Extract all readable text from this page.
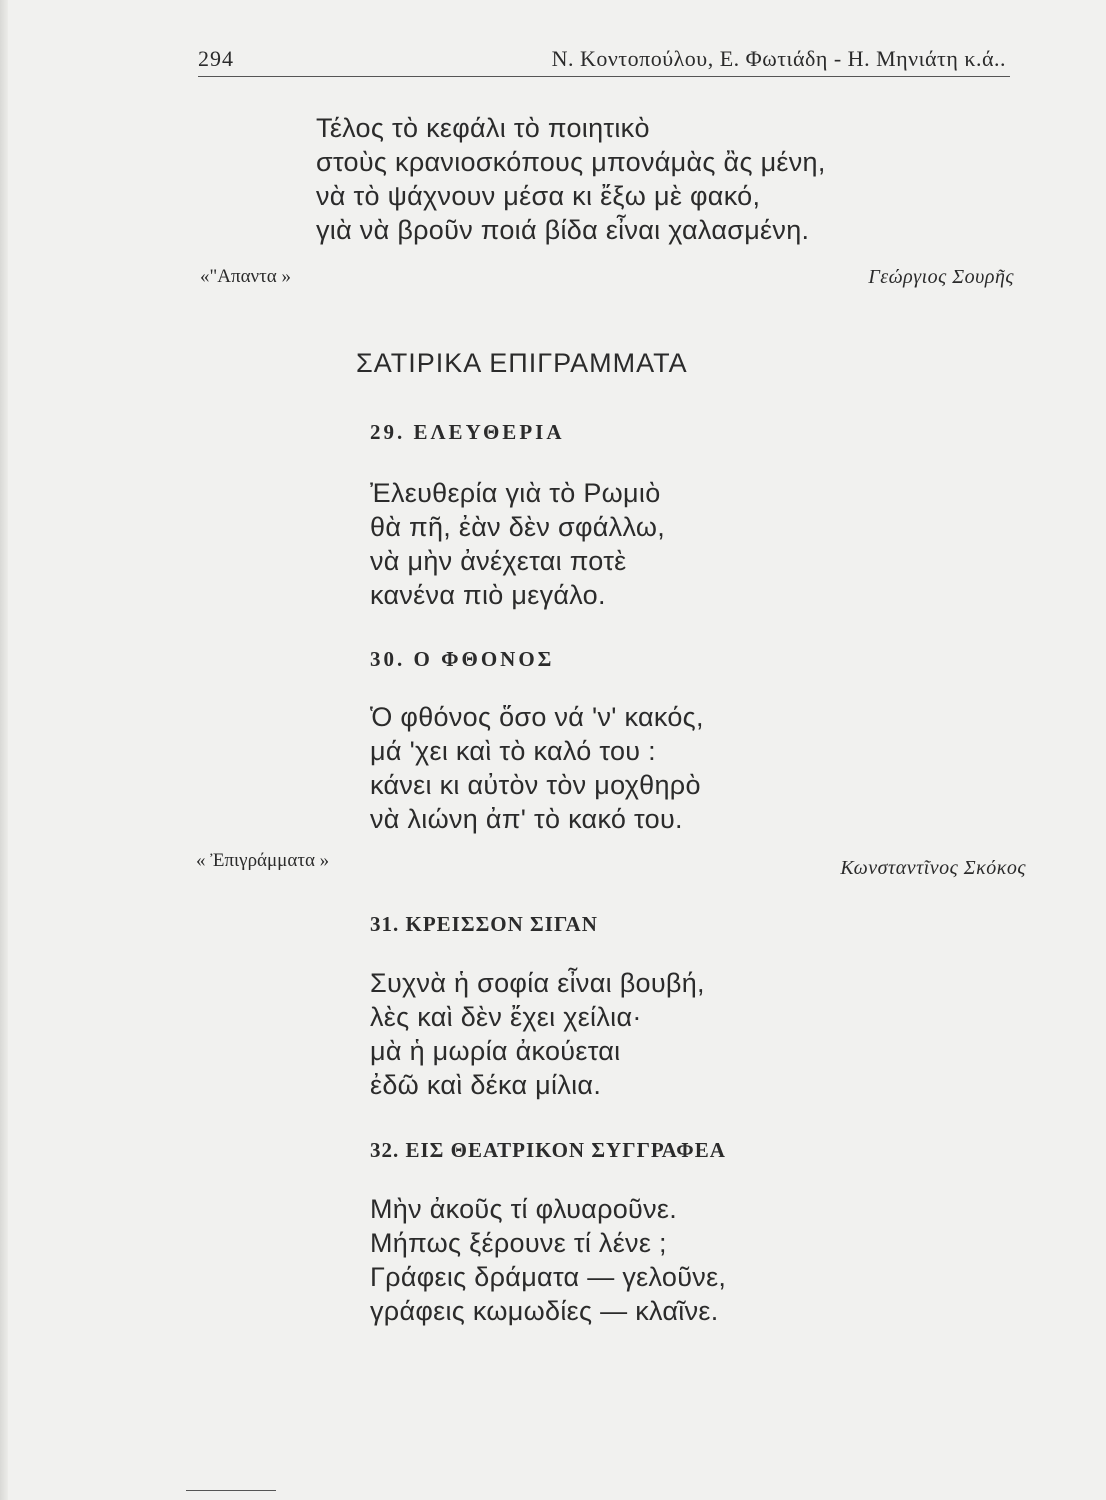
294	Ν. Κοντοπούλου, Ε. Φωτιάδη - Η. Μηνιάτη κ.ά..
Τέλος τὸ κεφάλι τὸ ποιητικὸ
στοὺς κρανιοσκόπους μπονάμὰς ἂς μένη,
νὰ τὸ ψάχνουν μέσα κι ἔξω μὲ φακό,
γιὰ νὰ βροῦν ποιά βίδα εἶναι χαλασμένη.
«"Απαντα »	Γεώργιος Σουρῆς
ΣΑΤΙΡΙΚΑ ΕΠΙΓΡΑΜΜΑΤΑ
29. ΕΛΕΥΘΕΡΙΑ
Ἐλευθερία γιὰ τὸ Ρωμιὸ
θὰ πῆ, ἐὰν δὲν σφάλλω,
νὰ μὴν ἀνέχεται ποτὲ
κανένα πιὸ μεγάλο.
30. Ο ΦΘΟΝΟΣ
Ὁ φθόνος ὅσο νά 'ν' κακός,
μά 'χει καὶ τὸ καλό του :
κάνει κι αὐτὸν τὸν μοχθηρὸ
νὰ λιώνη ἀπ' τὸ κακό του.
« Ἐπιγράμματα »	Κωνσταντῖνος Σκόκος
31. ΚΡΕΙΣΣΟΝ ΣΙΓΑΝ
Συχνὰ ἡ σοφία εἶναι βουβή,
λὲς καὶ δὲν ἔχει χείλια·
μὰ ἡ μωρία ἀκούεται
ἐδῶ καὶ δέκα μίλια.
32. ΕΙΣ ΘΕΑΤΡΙΚΟΝ ΣΥΓΓΡΑΦΕΑ
Μὴν ἀκοῦς τί φλυαροῦνε.
Μήπως ξέρουνε τί λένε ;
Γράφεις δράματα — γελοῦνε,
γράφεις κωμωδίες — κλαῖνε.
